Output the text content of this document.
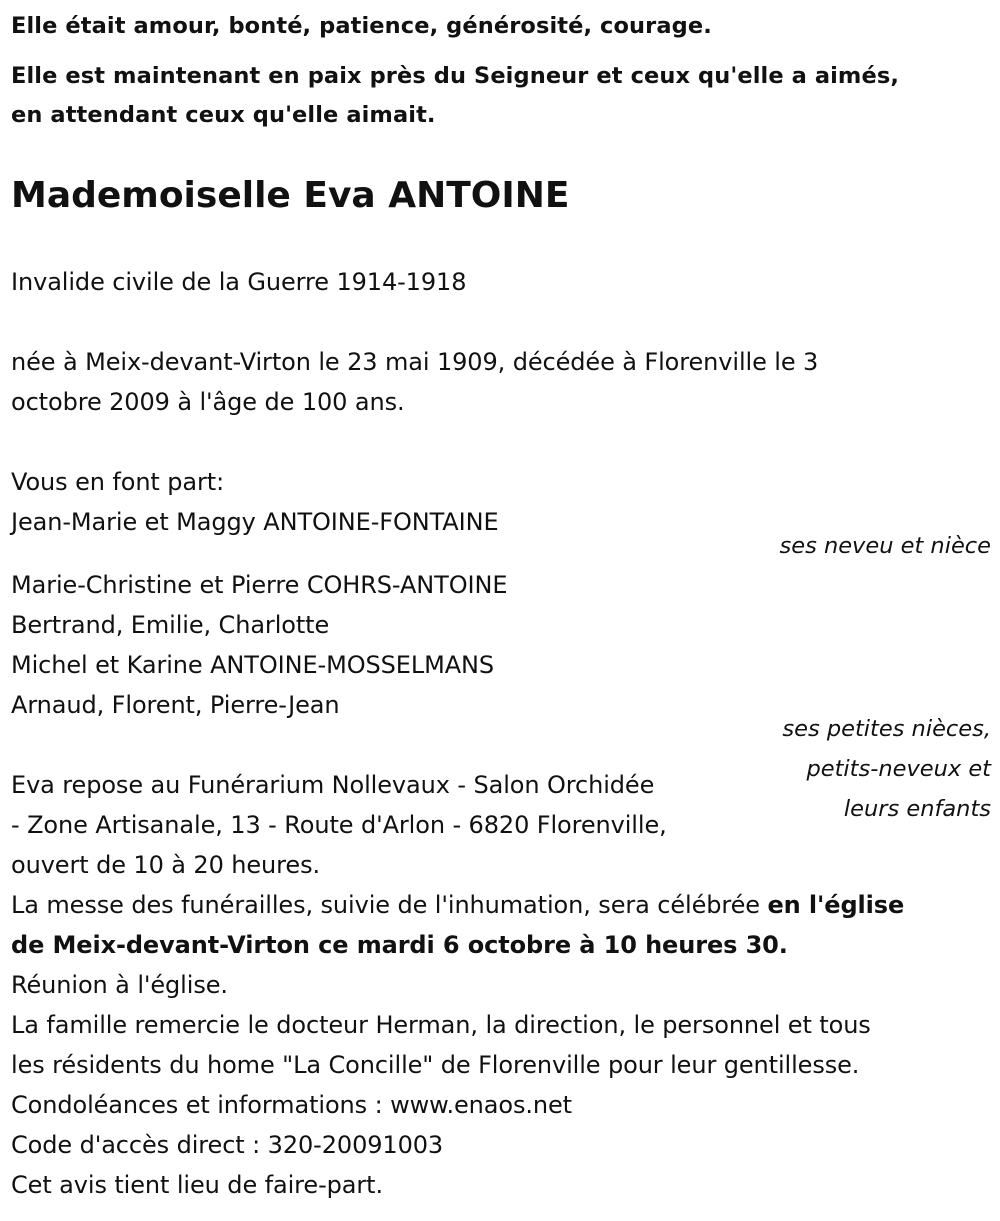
Elle était amour, bonté, patience, générosité, courage.
Elle est maintenant en paix près du Seigneur et ceux qu'elle a aimés,
en attendant ceux qu'elle aimait.
Mademoiselle Eva ANTOINE
Invalide civile de la Guerre 1914-1918
née à Meix-devant-Virton le 23 mai 1909, décédée à Florenville le 3
octobre 2009 à l'âge de 100 ans.
Vous en font part:
Jean-Marie et Maggy ANTOINE-FONTAINE
ses neveu et nièce
Marie-Christine et Pierre COHRS-ANTOINE
Bertrand, Emilie, Charlotte
Michel et Karine ANTOINE-MOSSELMANS
Arnaud, Florent, Pierre-Jean
ses petites nièces,
petits-neveux et
leurs enfants
Eva repose au Funérarium Nollevaux - Salon Orchidée
- Zone Artisanale, 13 - Route d'Arlon - 6820 Florenville,
ouvert de 10 à 20 heures.
La messe des funérailles, suivie de l'inhumation, sera célébrée en l'église
de Meix-devant-Virton ce mardi 6 octobre à 10 heures 30.
Réunion à l'église.
La famille remercie le docteur Herman, la direction, le personnel et tous
les résidents du home "La Concille" de Florenville pour leur gentillesse.
Condoléances et informations : www.enaos.net
Code d'accès direct : 320-20091003
Cet avis tient lieu de faire-part.
